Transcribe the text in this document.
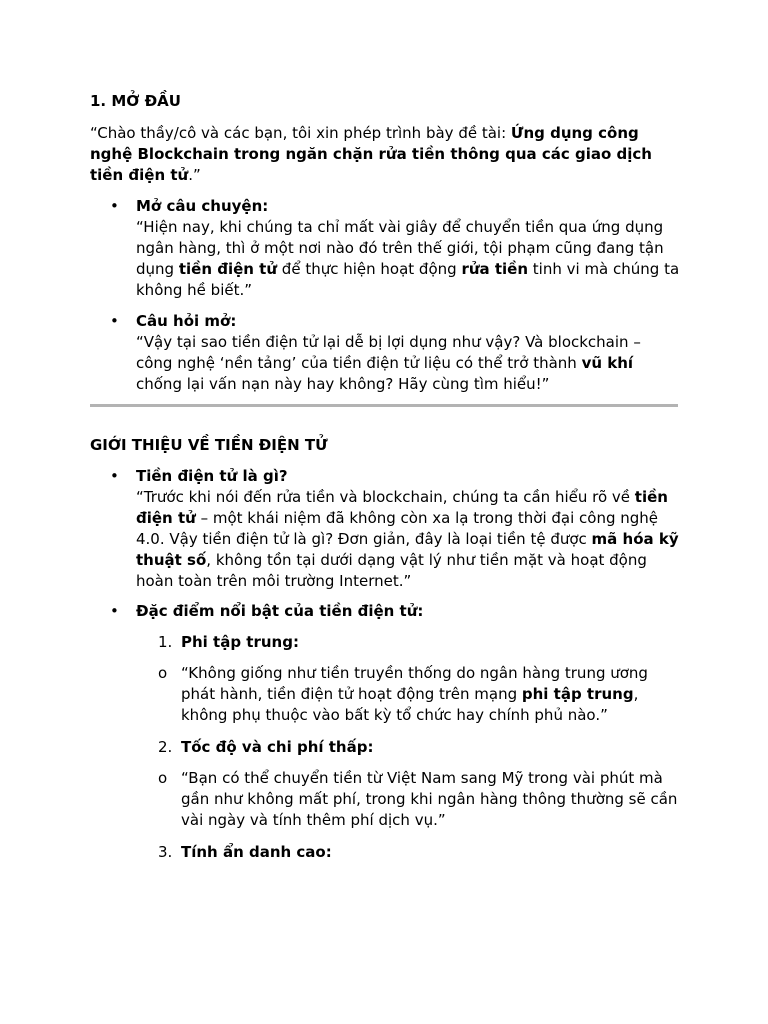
1. MỞ ĐẦU

“Chào thầy/cô và các bạn, tôi xin phép trình bày đề tài: Ứng dụng công nghệ Blockchain trong ngăn chặn rửa tiền thông qua các giao dịch tiền điện tử.”

•	Mở câu chuyện:

“Hiện nay, khi chúng ta chỉ mất vài giây để chuyển tiền qua ứng dụng ngân hàng, thì ở một nơi nào đó trên thế giới, tội phạm cũng đang tận dụng tiền điện tử để thực hiện hoạt động rửa tiền tinh vi mà chúng ta không hề biết.”

•	Câu hỏi mở:

“Vậy tại sao tiền điện tử lại dễ bị lợi dụng như vậy? Và blockchain – công nghệ ‘nền tảng’ của tiền điện tử liệu có thể trở thành vũ khí chống lại vấn nạn này hay không? Hãy cùng tìm hiểu!”

GIỚI THIỆU VỀ TIỀN ĐIỆN TỬ
•	Tiền điện tử là gì?

“Trước khi nói đến rửa tiền và blockchain, chúng ta cần hiểu rõ về tiền điện tử – một khái niệm đã không còn xa lạ trong thời đại công nghệ 4.0. Vậy tiền điện tử là gì? Đơn giản, đây là loại tiền tệ được mã hóa kỹ thuật số, không tồn tại dưới dạng vật lý như tiền mặt và hoạt động hoàn toàn trên môi trường Internet.”

•	Đặc điểm nổi bật của tiền điện tử:

1. Phi tập trung:
o “Không giống như tiền truyền thống do ngân hàng trung ương phát hành, tiền điện tử hoạt động trên mạng phi tập trung, không phụ thuộc vào bất kỳ tổ chức hay chính phủ nào.”

2. Tốc độ và chi phí thấp:
o “Bạn có thể chuyển tiền từ Việt Nam sang Mỹ trong vài phút mà gần như không mất phí, trong khi ngân hàng thông thường sẽ cần vài ngày và tính thêm phí dịch vụ.”

3. Tính ẩn danh cao:
